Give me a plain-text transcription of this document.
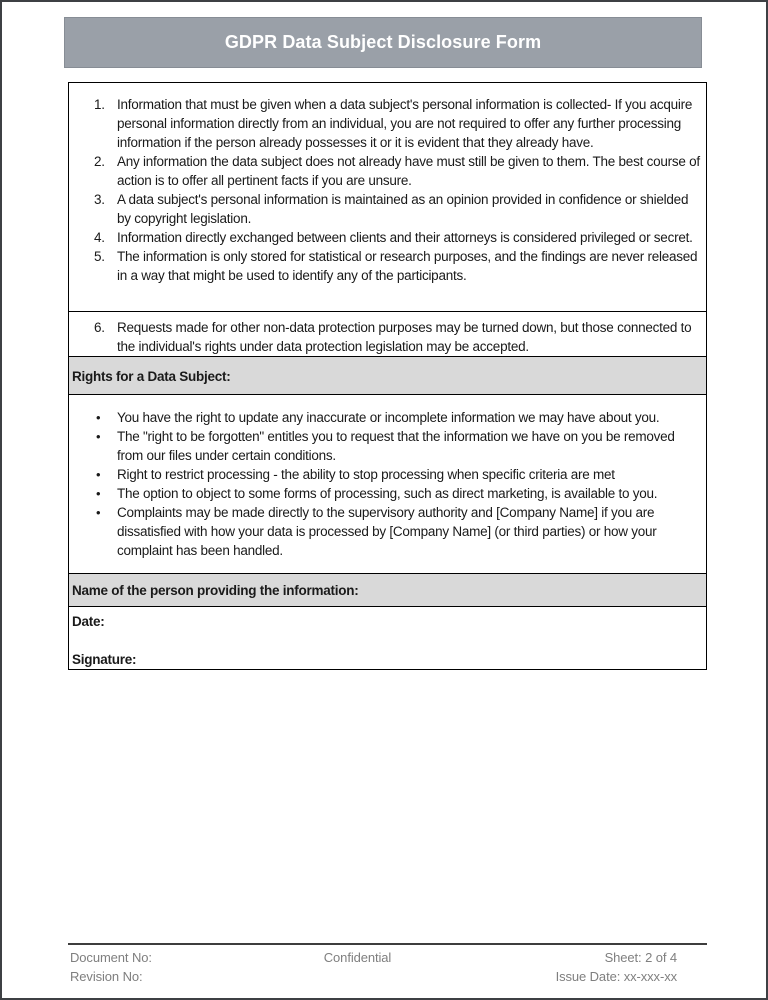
GDPR Data Subject Disclosure Form
1. Information that must be given when a data subject's personal information is collected- If you acquire personal information directly from an individual, you are not required to offer any further processing information if the person already possesses it or it is evident that they already have.
2. Any information the data subject does not already have must still be given to them. The best course of action is to offer all pertinent facts if you are unsure.
3. A data subject's personal information is maintained as an opinion provided in confidence or shielded by copyright legislation.
4. Information directly exchanged between clients and their attorneys is considered privileged or secret.
5. The information is only stored for statistical or research purposes, and the findings are never released in a way that might be used to identify any of the participants.
6. Requests made for other non-data protection purposes may be turned down, but those connected to the individual's rights under data protection legislation may be accepted.
Rights for a Data Subject:
•	You have the right to update any inaccurate or incomplete information we may have about you.
•	The "right to be forgotten" entitles you to request that the information we have on you be removed from our files under certain conditions.
•	Right to restrict processing - the ability to stop processing when specific criteria are met
•	The option to object to some forms of processing, such as direct marketing, is available to you.
•	Complaints may be made directly to the supervisory authority and [Company Name] if you are dissatisfied with how your data is processed by [Company Name] (or third parties) or how your complaint has been handled.
Name of the person providing the information:
Date:
Signature:
Document No:	Confidential	Sheet: 2 of 4
Revision No:	Issue Date: xx-xxx-xx
